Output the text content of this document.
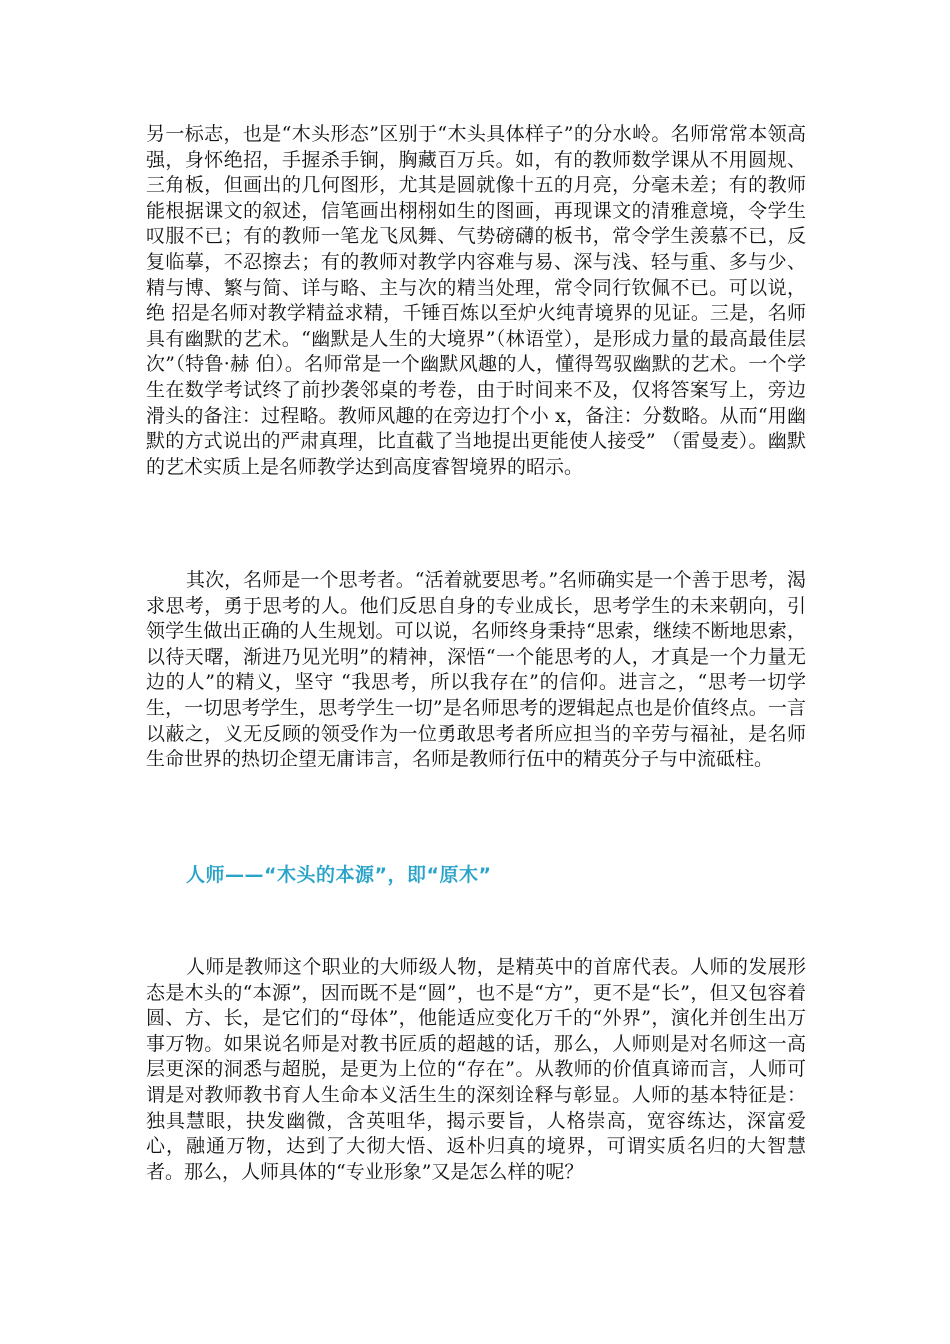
另一标志，也是“木头形态”区别于“木头具体样子”的分水岭。名师常常本领高强，身怀绝招，手握杀手锏，胸藏百万兵。如，有的教师数学课从不用圆规、三角板，但画出的几何图形，尤其是圆就像十五的月亮，分毫未差；有的教师能根据课文的叙述，信笔画出栩栩如生的图画，再现课文的清雅意境，令学生叹服不已；有的教师一笔龙飞凤舞、气势磅礴的板书，常令学生羡慕不已，反复临摹，不忍擦去；有的教师对教学内容难与易、深与浅、轻与重、多与少、精与博、繁与简、详与略、主与次的精当处理，常令同行钦佩不已。可以说，绝 招是名师对教学精益求精，千锤百炼以至炉火纯青境界的见证。三是，名师具有幽默的艺术。“幽默是人生的大境界”（林语堂），是形成力量的最高最佳层次”（特鲁·赫 伯）。名师常是一个幽默风趣的人，懂得驾驭幽默的艺术。一个学生在数学考试终了前抄袭邻桌的考卷，由于时间来不及，仅将答案写上，旁边滑头的备注：过程略。教师风趣的在旁边打个小 x，备注：分数略。从而“用幽默的方式说出的严肃真理，比直截了当地提出更能使人接受” （雷曼麦）。幽默的艺术实质上是名师教学达到高度睿智境界的昭示。

其次，名师是一个思考者。“活着就要思考。”名师确实是一个善于思考，渴求思考，勇于思考的人。他们反思自身的专业成长，思考学生的未来朝向，引领学生做出正确的人生规划。可以说，名师终身秉持“思索，继续不断地思索，以待天曙，渐进乃见光明”的精神，深悟“一个能思考的人，才真是一个力量无边的人”的精义，坚守 “我思考，所以我存在”的信仰。进言之，“思考一切学生，一切思考学生，思考学生一切”是名师思考的逻辑起点也是价值终点。一言以蔽之，义无反顾的领受作为一位勇敢思考者所应担当的辛劳与福祉，是名师生命世界的热切企望无庸讳言，名师是教师行伍中的精英分子与中流砥柱。

人师——“木头的本源”，即“原木”

人师是教师这个职业的大师级人物，是精英中的首席代表。人师的发展形态是木头的“本源”，因而既不是“圆”，也不是“方”，更不是“长”，但又包容着圆、方、长，是它们的“母体”，他能适应变化万千的“外界”，演化并创生出万事万物。如果说名师是对教书匠质的超越的话，那么，人师则是对名师这一高层更深的洞悉与超脱，是更为上位的“存在”。从教师的价值真谛而言，人师可谓是对教师教书育人生命本义活生生的深刻诠释与彰显。人师的基本特征是：独具慧眼，抉发幽微，含英咀华，揭示要旨，人格崇高，宽容练达，深富爱心，融通万物，达到了大彻大悟、返朴归真的境界，可谓实质名归的大智慧者。那么，人师具体的“专业形象”又是怎么样的呢？
